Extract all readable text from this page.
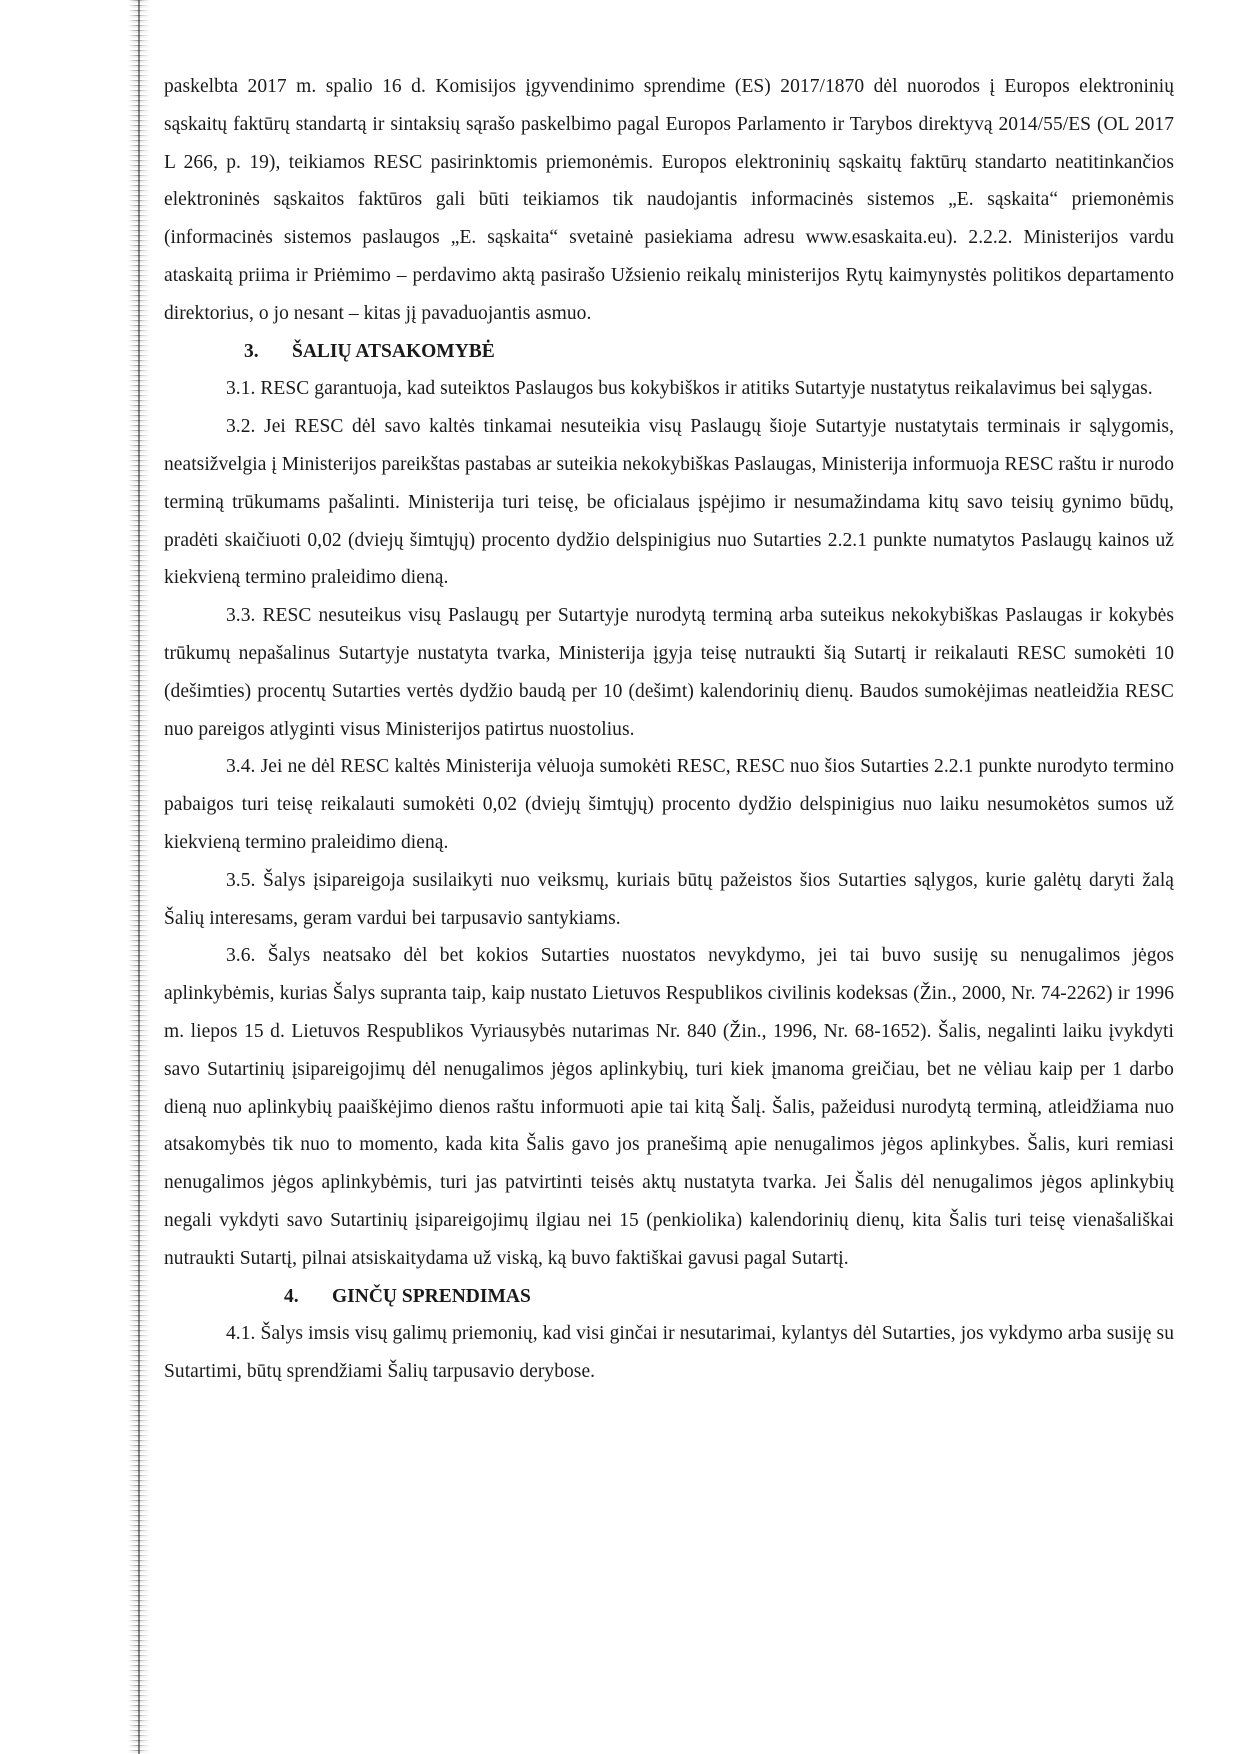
paskelbta 2017 m. spalio 16 d. Komisijos įgyvendinimo sprendime (ES) 2017/1870 dėl nuorodos į Europos elektroninių sąskaitų faktūrų standartą ir sintaksių sąrašo paskelbimo pagal Europos Parlamento ir Tarybos direktyvą 2014/55/ES (OL 2017 L 266, p. 19), teikiamos RESC pasirinktomis priemonėmis. Europos elektroninių sąskaitų faktūrų standarto neatitinkančios elektroninės sąskaitos faktūros gali būti teikiamos tik naudojantis informacinės sistemos „E. sąskaita“ priemonėmis (informacinės sistemos paslaugos „E. sąskaita“ svetainė pasiekiama adresu www.esaskaita.eu). 2.2.2. Ministerijos vardu ataskaitą priima ir Priėmimo – perdavimo aktą pasirašo Užsienio reikalų ministerijos Rytų kaimynystės politikos departamento direktorius, o jo nesant – kitas jį pavaduojantis asmuo.

3. ŠALIŲ ATSAKOMYBĖ

3.1. RESC garantuoja, kad suteiktos Paslaugos bus kokybiškos ir atitiks Sutartyje nustatytus reikalavimus bei sąlygas.

3.2. Jei RESC dėl savo kaltės tinkamai nesuteikia visų Paslaugų šioje Sutartyje nustatytais terminais ir sąlygomis, neatsižvelgia į Ministerijos pareikštas pastabas ar suteikia nekokybiškas Paslaugas, Ministerija informuoja RESC raštu ir nurodo terminą trūkumams pašalinti. Ministerija turi teisę, be oficialaus įspėjimo ir nesumažindama kitų savo teisių gynimo būdų, pradėti skaičiuoti 0,02 (dviejų šimtųjų) procento dydžio delspinigius nuo Sutarties 2.2.1 punkte numatytos Paslaugų kainos už kiekvieną termino praleidimo dieną.

3.3. RESC nesuteikus visų Paslaugų per Sutartyje nurodytą terminą arba suteikus nekokybiškas Paslaugas ir kokybės trūkumų nepašalinus Sutartyje nustatyta tvarka, Ministerija įgyja teisę nutraukti šią Sutartį ir reikalauti RESC sumokėti 10 (dešimties) procentų Sutarties vertės dydžio baudą per 10 (dešimt) kalendorinių dienų. Baudos sumokėjimas neatleidžia RESC nuo pareigos atlyginti visus Ministerijos patirtus nuostolius.

3.4. Jei ne dėl RESC kaltės Ministerija vėluoja sumokėti RESC, RESC nuo šios Sutarties 2.2.1 punkte nurodyto termino pabaigos turi teisę reikalauti sumokėti 0,02 (dviejų šimtųjų) procento dydžio delspinigius nuo laiku nesumokėtos sumos už kiekvieną termino praleidimo dieną.

3.5. Šalys įsipareigoja susilaikyti nuo veiksmų, kuriais būtų pažeistos šios Sutarties sąlygos, kurie galėtų daryti žalą Šalių interesams, geram vardui bei tarpusavio santykiams.

3.6. Šalys neatsako dėl bet kokios Sutarties nuostatos nevykdymo, jei tai buvo susiję su nenugalimos jėgos aplinkybėmis, kurias Šalys supranta taip, kaip nustato Lietuvos Respublikos civilinis kodeksas (Žin., 2000, Nr. 74-2262) ir 1996 m. liepos 15 d. Lietuvos Respublikos Vyriausybės nutarimas Nr. 840 (Žin., 1996, Nr. 68-1652). Šalis, negalinti laiku įvykdyti savo Sutartinių įsipareigojimų dėl nenugalimos jėgos aplinkybių, turi kiek įmanoma greičiau, bet ne vėliau kaip per 1 darbo dieną nuo aplinkybių paaiškėjimo dienos raštu informuoti apie tai kitą Šalį. Šalis, pažeidusi nurodytą terminą, atleidžiama nuo atsakomybės tik nuo to momento, kada kita Šalis gavo jos pranešimą apie nenugalimos jėgos aplinkybes. Šalis, kuri remiasi nenugalimos jėgos aplinkybėmis, turi jas patvirtinti teisės aktų nustatyta tvarka. Jei Šalis dėl nenugalimos jėgos aplinkybių negali vykdyti savo Sutartinių įsipareigojimų ilgiau nei 15 (penkiolika) kalendorinių dienų, kita Šalis turi teisę vienašališkai nutraukti Sutartį, pilnai atsiskaitydama už viską, ką buvo faktiškai gavusi pagal Sutartį.

4. GINČŲ SPRENDIMAS

4.1. Šalys imsis visų galimų priemonių, kad visi ginčai ir nesutarimai, kylantys dėl Sutarties, jos vykdymo arba susiję su Sutartimi, būtų sprendžiami Šalių tarpusavio derybose.
